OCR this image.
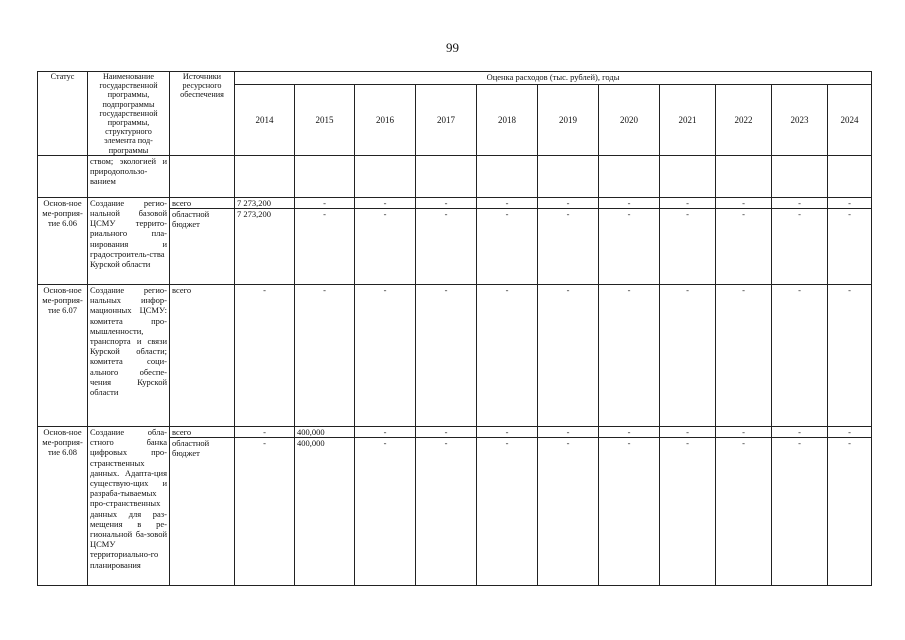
99
Статус	Наименование государственной программы, подпрограммы государственной программы, структурного элемента под-программы	Источники ресурсного обеспечения	Оценка расходов (тыс. рублей), годы										
			2014	2015	2016	2017	2018	2019	2020	2021	2022	2023	2024
	ством; экологией и природопользо-ванием												
Основ-ное ме-роприя-тие 6.06	Создание регио-нальной базовой ЦСМУ террито-риального пла-нирования и градостроитель-ства Курской области	всего	7 273,200	-	-	-	-	-	-	-	-	-	-
		областной бюджет	7 273,200	-	-	-	-	-	-	-	-	-	-
Основ-ное ме-роприя-тие 6.07	Создание регио-нальных инфор-мационных ЦСМУ: комитета про-мышленности, транспорта и связи Курской области; комитета соци-ального обеспе-чения Курской области	всего	-	-	-	-	-	-	-	-	-	-	-
Основ-ное ме-роприя-тие 6.08	Создание обла-стного банка цифровых про-странственных данных. Адапта-ция существую-щих и разраба-тываемых про-странственных данных для раз-мещения в ре-гиональной ба-зовой ЦСМУ территориально-го планирования	всего	-	400,000	-	-	-	-	-	-	-	-	-
		областной бюджет	-	400,000	-	-	-	-	-	-	-	-	-
